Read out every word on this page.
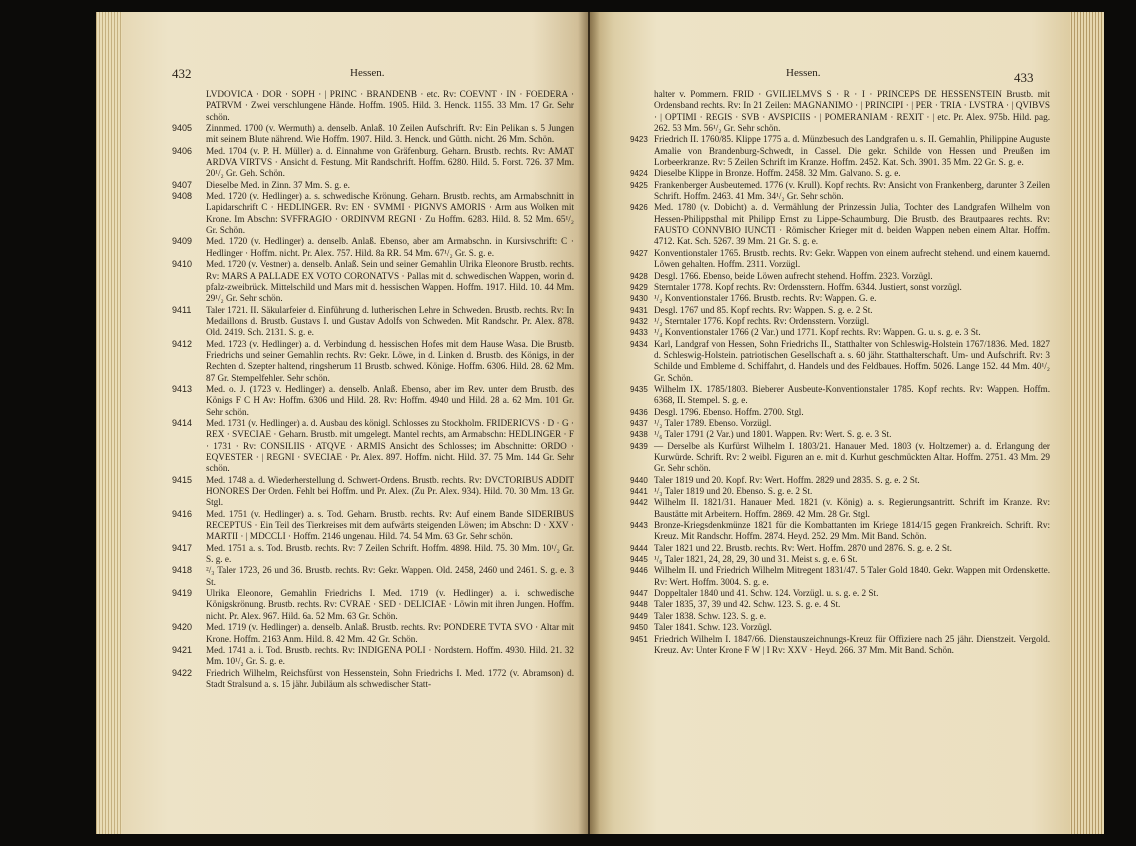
432	Hessen.
LVDOVICA · DOR · SOPH · | PRINC · BRANDENB · etc. Rv: COEVNT · IN · FOEDERA · PATRVM · Zwei verschlungene Hände. Hoffm. 1905. Hild. 3. Henck. 1155. 33 Mm. 17 Gr. Sehr schön.
9405 Zinnmed. 1700 (v. Wermuth) a. denselb. Anlaß. 10 Zeilen Aufschrift. Rv: Ein Pelikan s. 5 Jungen mit seinem Blute nährend. Wie Hoffm. 1907. Hild. 3. Henck. und Gütth. nicht. 26 Mm. Schön.
9406 Med. 1704 (v. P. H. Müller) a. d. Einnahme von Gräfenburg. Geharn. Brustb. rechts. Rv: AMAT ARDVA VIRTVS · Ansicht d. Festung. Mit Randschrift. Hoffm. 6280. Hild. 5. Forst. 726. 37 Mm. 20¹/₂ Gr. Geh. Schön.
9407 Dieselbe Med. in Zinn. 37 Mm. S. g. e.
9408 Med. 1720 (v. Hedlinger) a. s. schwedische Krönung. Geharn. Brustb. rechts, am Armabschnitt in Lapidarschrift C · HEDLINGER. Rv: EN · SVMMI · PIGNVS AMORIS · Arm aus Wolken mit Krone. Im Abschn: SVFFRAGIO · ORDINVM REGNI · Zu Hoffm. 6283. Hild. 8. 52 Mm. 65¹/₂ Gr. Schön.
9409 Med. 1720 (v. Hedlinger) a. denselb. Anlaß. Ebenso, aber am Armabschn. in Kursivschrift: C · Hedlinger · Hoffm. nicht. Pr. Alex. 757. Hild. 8a RR. 54 Mm. 67¹/₂ Gr. S. g. e.
9410 Med. 1720 (v. Vestner) a. denselb. Anlaß. Sein und seiner Gemahlin Ulrika Eleonore Brustb. rechts. Rv: MARS A PALLADE EX VOTO CORONATVS · Pallas mit d. schwedischen Wappen, worin d. pfalz-zweibrück. Mittelschild und Mars mit d. hessischen Wappen. Hoffm. 1917. Hild. 10. 44 Mm. 29¹/₂ Gr. Sehr schön.
9411 Taler 1721. II. Säkularfeier d. Einführung d. lutherischen Lehre in Schweden. Brustb. rechts. Rv: In Medaillons d. Brustb. Gustavs I. und Gustav Adolfs von Schweden. Mit Randschr. Pr. Alex. 878. Old. 2419. Sch. 2131. S. g. e.
9412 Med. 1723 (v. Hedlinger) a. d. Verbindung d. hessischen Hofes mit dem Hause Wasa. Die Brustb. Friedrichs und seiner Gemahlin rechts. Rv: Gekr. Löwe, in d. Linken d. Brustb. des Königs, in der Rechten d. Szepter haltend, ringsherum 11 Brustb. schwed. Könige. Hoffm. 6306. Hild. 28. 62 Mm. 87 Gr. Stempelfehler. Sehr schön.
9413 Med. o. J. (1723 v. Hedlinger) a. denselb. Anlaß. Ebenso, aber im Rev. unter dem Brustb. des Königs F C H Av: Hoffm. 6306 und Hild. 28. Rv: Hoffm. 4940 und Hild. 28 a. 62 Mm. 101 Gr. Sehr schön.
9414 Med. 1731 (v. Hedlinger) a. d. Ausbau des königl. Schlosses zu Stockholm. FRIDERICVS · D · G · REX · SVECIAE · Geharn. Brustb. mit umgelegt. Mantel rechts, am Armabschn: HEDLINGER · F · 1731 · Rv: CONSILIIS · ATQVE · ARMIS Ansicht des Schlosses; im Abschnitte: ORDO · EQVESTER · | REGNI · SVECIAE · Pr. Alex. 897. Hoffm. nicht. Hild. 37. 75 Mm. 144 Gr. Sehr schön.
9415 Med. 1748 a. d. Wiederherstellung d. Schwert-Ordens. Brustb. rechts. Rv: DVCTORIBUS ADDIT HONORES Der Orden. Fehlt bei Hoffm. und Pr. Alex. (Zu Pr. Alex. 934). Hild. 70. 30 Mm. 13 Gr. Stgl.
9416 Med. 1751 (v. Hedlinger) a. s. Tod. Geharn. Brustb. rechts. Rv: Auf einem Bande SIDERIBUS RECEPTUS · Ein Teil des Tierkreises mit dem aufwärts steigenden Löwen; im Abschn: D · XXV · MARTII · | MDCCLI · Hoffm. 2146 ungenau. Hild. 74. 54 Mm. 63 Gr. Sehr schön.
9417 Med. 1751 a. s. Tod. Brustb. rechts. Rv: 7 Zeilen Schrift. Hoffm. 4898. Hild. 75. 30 Mm. 10¹/₂ Gr. S. g. e.
9418 ²/₃ Taler 1723, 26 und 36. Brustb. rechts. Rv: Gekr. Wappen. Old. 2458, 2460 und 2461. S. g. e. 3 St.
9419 Ulrika Eleonore, Gemahlin Friedrichs I. Med. 1719 (v. Hedlinger) a. i. schwedische Königskrönung. Brustb. rechts. Rv: CVRAE · SED · DELICIAE · Löwin mit ihren Jungen. Hoffm. nicht. Pr. Alex. 967. Hild. 6a. 52 Mm. 63 Gr. Schön.
9420 Med. 1719 (v. Hedlinger) a. denselb. Anlaß. Brustb. rechts. Rv: PONDERE TVTA SVO · Altar mit Krone. Hoffm. 2163 Anm. Hild. 8. 42 Mm. 42 Gr. Schön.
9421 Med. 1741 a. i. Tod. Brustb. rechts. Rv: INDIGENA POLI · Nordstern. Hoffm. 4930. Hild. 21. 32 Mm. 10¹/₂ Gr. S. g. e.
9422 Friedrich Wilhelm, Reichsfürst von Hessenstein, Sohn Friedrichs I. Med. 1772 (v. Abramson) d. Stadt Stralsund a. s. 15 jähr. Jubiläum als schwedischer Statt-
Hessen.	433
halter v. Pommern. FRID · GVILIELMVS S · R · I · PRINCEPS DE HESSENSTEIN Brustb. mit Ordensband rechts. Rv: In 21 Zeilen: MAGNANIMO · | PRINCIPI · | PER · TRIA · LVSTRA · | QVIBVS · | OPTIMI · REGIS · SVB · AVSPICIIS · | POMERANIAM · REXIT · | etc. Pr. Alex. 975b. Hild. pag. 262. 53 Mm. 56¹/₂ Gr. Sehr schön.
9423 Friedrich II. 1760/85. Klippe 1775 a. d. Münzbesuch des Landgrafen u. s. II. Gemahlin, Philippine Auguste Amalie von Brandenburg-Schwedt, in Cassel. Die gekr. Schilde von Hessen und Preußen im Lorbeerkranze. Rv: 5 Zeilen Schrift im Kranze. Hoffm. 2452. Kat. Sch. 3901. 35 Mm. 22 Gr. S. g. e.
9424 Dieselbe Klippe in Bronze. Hoffm. 2458. 32 Mm. Galvano. S. g. e.
9425 Frankenberger Ausbeutemed. 1776 (v. Krull). Kopf rechts. Rv: Ansicht von Frankenberg, darunter 3 Zeilen Schrift. Hoffm. 2463. 41 Mm. 34¹/₂ Gr. Sehr schön.
9426 Med. 1780 (v. Dobicht) a. d. Vermählung der Prinzessin Julia, Tochter des Landgrafen Wilhelm von Hessen-Philippsthal mit Philipp Ernst zu Lippe-Schaumburg. Die Brustb. des Brautpaares rechts. Rv: FAUSTO CONNVBIO IUNCTI · Römischer Krieger mit d. beiden Wappen neben einem Altar. Hoffm. 4712. Kat. Sch. 5267. 39 Mm. 21 Gr. S. g. e.
9427 Konventionstaler 1765. Brustb. rechts. Rv: Gekr. Wappen von einem aufrecht stehend. und einem kauernd. Löwen gehalten. Hoffm. 2311. Vorzügl.
9428 Desgl. 1766. Ebenso, beide Löwen aufrecht stehend. Hoffm. 2323. Vorzügl.
9429 Sterntaler 1778. Kopf rechts. Rv: Ordensstern. Hoffm. 6344. Justiert, sonst vorzügl.
9430 ¹/₂ Konventionstaler 1766. Brustb. rechts. Rv: Wappen. G. e.
9431 Desgl. 1767 und 85. Kopf rechts. Rv: Wappen. S. g. e. 2 St.
9432 ¹/₂ Sterntaler 1776. Kopf rechts. Rv: Ordensstern. Vorzügl.
9433 ¹/₄ Konventionstaler 1766 (2 Var.) und 1771. Kopf rechts. Rv: Wappen. G. u. s. g. e. 3 St.
9434 Karl, Landgraf von Hessen, Sohn Friedrichs II., Statthalter von Schleswig-Holstein 1767/1836. Med. 1827 d. Schleswig-Holstein. patriotischen Gesellschaft a. s. 60 jähr. Statthalterschaft. Um- und Aufschrift. Rv: 3 Schilde und Embleme d. Schiffahrt, d. Handels und des Feldbaues. Hoffm. 5026. Lange 152. 44 Mm. 40¹/₂ Gr. Schön.
9435 Wilhelm IX. 1785/1803. Bieberer Ausbeute-Konventionstaler 1785. Kopf rechts. Rv: Wappen. Hoffm. 6368, II. Stempel. S. g. e.
9436 Desgl. 1796. Ebenso. Hoffm. 2700. Stgl.
9437 ¹/₂ Taler 1789. Ebenso. Vorzügl.
9438 ¹/₆ Taler 1791 (2 Var.) und 1801. Wappen. Rv: Wert. S. g. e. 3 St.
9439 — Derselbe als Kurfürst Wilhelm I. 1803/21. Hanauer Med. 1803 (v. Holtzemer) a. d. Erlangung der Kurwürde. Schrift. Rv: 2 weibl. Figuren an e. mit d. Kurhut geschmückten Altar. Hoffm. 2751. 43 Mm. 29 Gr. Sehr schön.
9440 Taler 1819 und 20. Kopf. Rv: Wert. Hoffm. 2829 und 2835. S. g. e. 2 St.
9441 ¹/₃ Taler 1819 und 20. Ebenso. S. g. e. 2 St.
9442 Wilhelm II. 1821/31. Hanauer Med. 1821 (v. König) a. s. Regierungsantritt. Schrift im Kranze. Rv: Baustätte mit Arbeitern. Hoffm. 2869. 42 Mm. 28 Gr. Stgl.
9443 Bronze-Kriegsdenkmünze 1821 für die Kombattanten im Kriege 1814/15 gegen Frankreich. Schrift. Rv: Kreuz. Mit Randschr. Hoffm. 2874. Heyd. 252. 29 Mm. Mit Band. Schön.
9444 Taler 1821 und 22. Brustb. rechts. Rv: Wert. Hoffm. 2870 und 2876. S. g. e. 2 St.
9445 ¹/₆ Taler 1821, 24, 28, 29, 30 und 31. Meist s. g. e. 6 St.
9446 Wilhelm II. und Friedrich Wilhelm Mitregent 1831/47. 5 Taler Gold 1840. Gekr. Wappen mit Ordenskette. Rv: Wert. Hoffm. 3004. S. g. e.
9447 Doppeltaler 1840 und 41. Schw. 124. Vorzügl. u. s. g. e. 2 St.
9448 Taler 1835, 37, 39 und 42. Schw. 123. S. g. e. 4 St.
9449 Taler 1838. Schw. 123. S. g. e.
9450 Taler 1841. Schw. 123. Vorzügl.
9451 Friedrich Wilhelm I. 1847/66. Dienstauszeichnungs-Kreuz für Offiziere nach 25 jähr. Dienstzeit. Vergold. Kreuz. Av: Unter Krone F W | I Rv: XXV · Heyd. 266. 37 Mm. Mit Band. Schön.
